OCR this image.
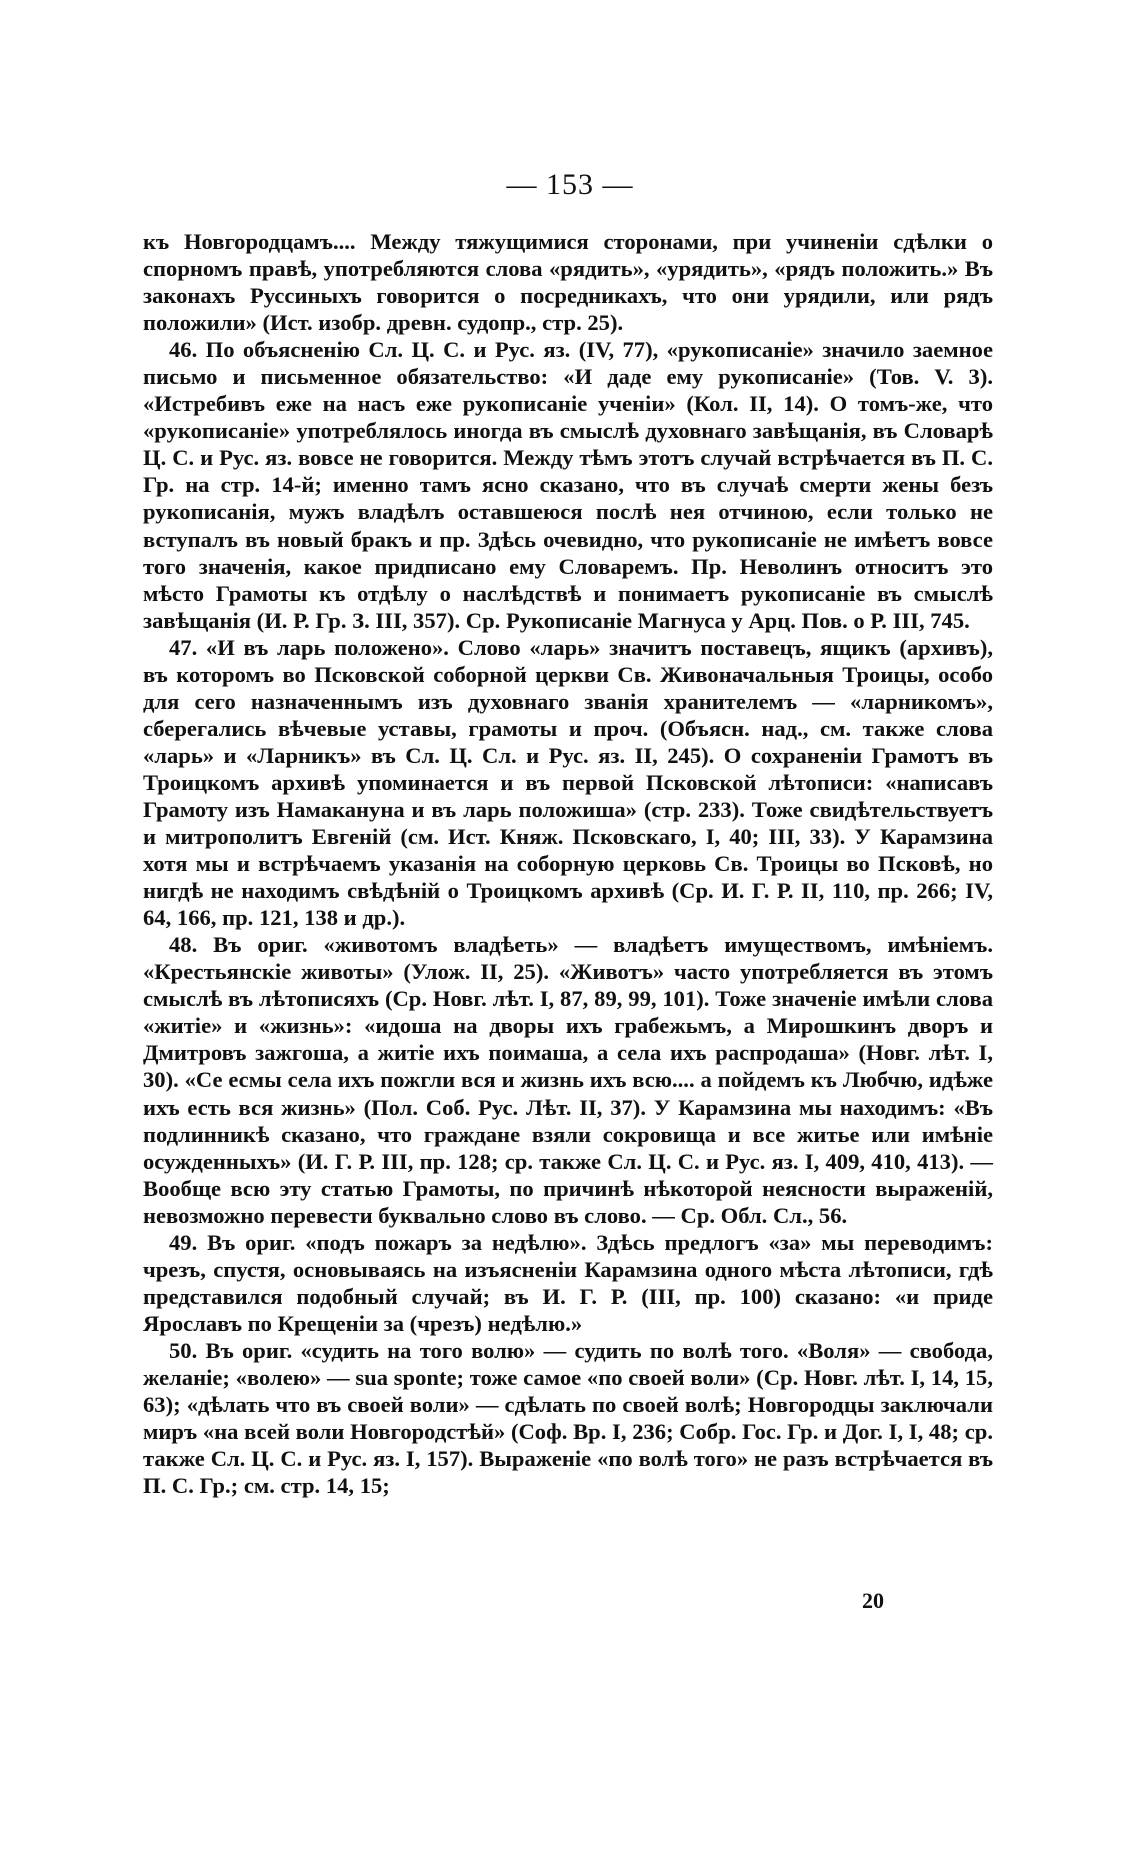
— 153 —

къ Новгородцамъ.... Между тяжущимися сторонами, при учиненіи сдѣлки о спорномъ правѣ, употребляются слова «рядить», «урядить», «рядъ положить.» Въ законахъ Руссиныхъ говорится о посредникахъ, что они урядили, или рядъ положили» (Ист. изобр. древн. судопр., стр. 25).

46. По объясненію Сл. Ц. С. и Рус. яз. (IV, 77), «рукописаніе» значило заемное письмо и письменное обязательство: «И даде ему рукописаніе» (Тов. V. 3). «Истребивъ еже на насъ еже рукописаніе ученіи» (Кол. II, 14). О томъ-же, что «рукописаніе» употреблялось иногда въ смыслѣ духовнаго завѣщанія, въ Словарѣ Ц. С. и Рус. яз. вовсе не говорится. Между тѣмъ этотъ случай встрѣчается въ П. С. Гр. на стр. 14-й; именно тамъ ясно сказано, что въ случаѣ смерти жены безъ рукописанія, мужъ владѣлъ оставшеюся послѣ нея отчиною, если только не вступалъ въ новый бракъ и пр. Здѣсь очевидно, что рукописаніе не имѣетъ вовсе того значенія, какое придписано ему Словаремъ. Пр. Неволинъ относитъ это мѣсто Грамоты къ отдѣлу о наслѣдствѣ и понимаетъ рукописаніе въ смыслѣ завѣщанія (И. Р. Гр. З. III, 357). Ср. Рукописаніе Магнуса у Арц. Пов. о Р. III, 745.

47. «И въ ларь положено». Слово «ларь» значитъ поставецъ, ящикъ (архивъ), въ которомъ во Псковской соборной церкви Св. Живоначальныя Троицы, особо для сего назначеннымъ изъ духовнаго званія хранителемъ — «ларникомъ», сберегались вѣчевые уставы, грамоты и проч. (Объясн. над., см. также слова «ларь» и «Ларникъ» въ Сл. Ц. Сл. и Рус. яз. II, 245). О сохраненіи Грамотъ въ Троицкомъ архивѣ упоминается и въ первой Псковской лѣтописи: «написавъ Грамоту изъ Намакануна и въ ларь положиша» (стр. 233). Тоже свидѣтельствуетъ и митрополитъ Евгеній (см. Ист. Княж. Псковскаго, I, 40; III, 33). У Карамзина хотя мы и встрѣчаемъ указанія на соборную церковь Св. Троицы во Псковѣ, но нигдѣ не находимъ свѣдѣній о Троицкомъ архивѣ (Ср. И. Г. Р. II, 110, пр. 266; IV, 64, 166, пр. 121, 138 и др.).

48. Въ ориг. «животомъ владѣеть» — владѣетъ имуществомъ, имѣніемъ. «Крестьянскіе животы» (Улож. II, 25). «Животъ» часто употребляется въ этомъ смыслѣ въ лѣтописяхъ (Ср. Новг. лѣт. I, 87, 89, 99, 101). Тоже значеніе имѣли слова «житіе» и «жизнь»: «идоша на дворы ихъ грабежьмъ, а Мирошкинъ дворъ и Дмитровъ зажгоша, а житіе ихъ поимаша, а села ихъ распродаша» (Новг. лѣт. I, 30). «Се есмы села ихъ пожгли вся и жизнь ихъ всю.... а пойдемъ къ Любчю, идѣже ихъ есть вся жизнь» (Пол. Соб. Рус. Лѣт. II, 37). У Карамзина мы находимъ: «Въ подлинникѣ сказано, что граждане взяли сокровища и все житье или имѣніе осужденныхъ» (И. Г. Р. III, пр. 128; ср. также Сл. Ц. С. и Рус. яз. I, 409, 410, 413). — Вообще всю эту статью Грамоты, по причинѣ нѣкоторой неясности выраженій, невозможно перевести буквально слово въ слово. — Ср. Обл. Сл., 56.

49. Въ ориг. «подъ пожаръ за недѣлю». Здѣсь предлогъ «за» мы переводимъ: чрезъ, спустя, основываясь на изъясненіи Карамзина одного мѣста лѣтописи, гдѣ представился подобный случай; въ И. Г. Р. (III, пр. 100) сказано: «и приде Ярославъ по Крещеніи за (чрезъ) недѣлю.»

50. Въ ориг. «судить на того волю» — судить по волѣ того. «Воля» — свобода, желаніе; «волею» — sua sponte; тоже самое «по своей воли» (Ср. Новг. лѣт. I, 14, 15, 63); «дѣлать что въ своей воли» — сдѣлать по своей волѣ; Новгородцы заключали миръ «на всей воли Новгородстѣй» (Соф. Вр. I, 236; Собр. Гос. Гр. и Дог. I, I, 48; ср. также Сл. Ц. С. и Рус. яз. I, 157). Выраженіе «по волѣ того» не разъ встрѣчается въ П. С. Гр.; см. стр. 14, 15;

20
